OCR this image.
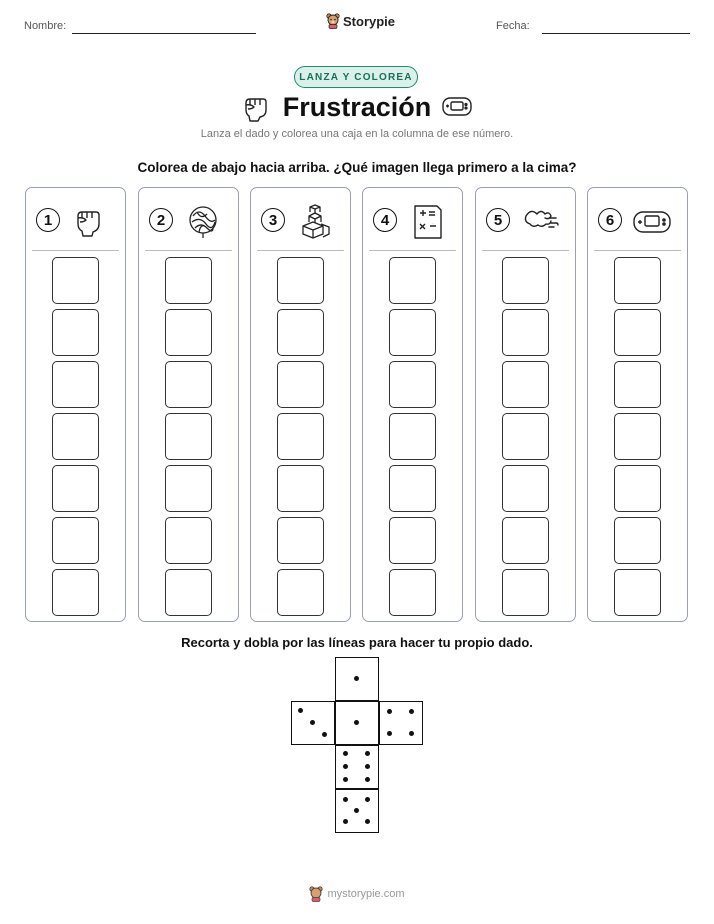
Nombre:	Storypie	Fecha:
LANZA Y COLOREA
Frustración
Lanza el dado y colorea una caja en la columna de ese número.
Colorea de abajo hacia arriba. ¿Qué imagen llega primero a la cima?
1	2	3	4	5	6
Recorta y dobla por las líneas para hacer tu propio dado.
mystorypie.com
